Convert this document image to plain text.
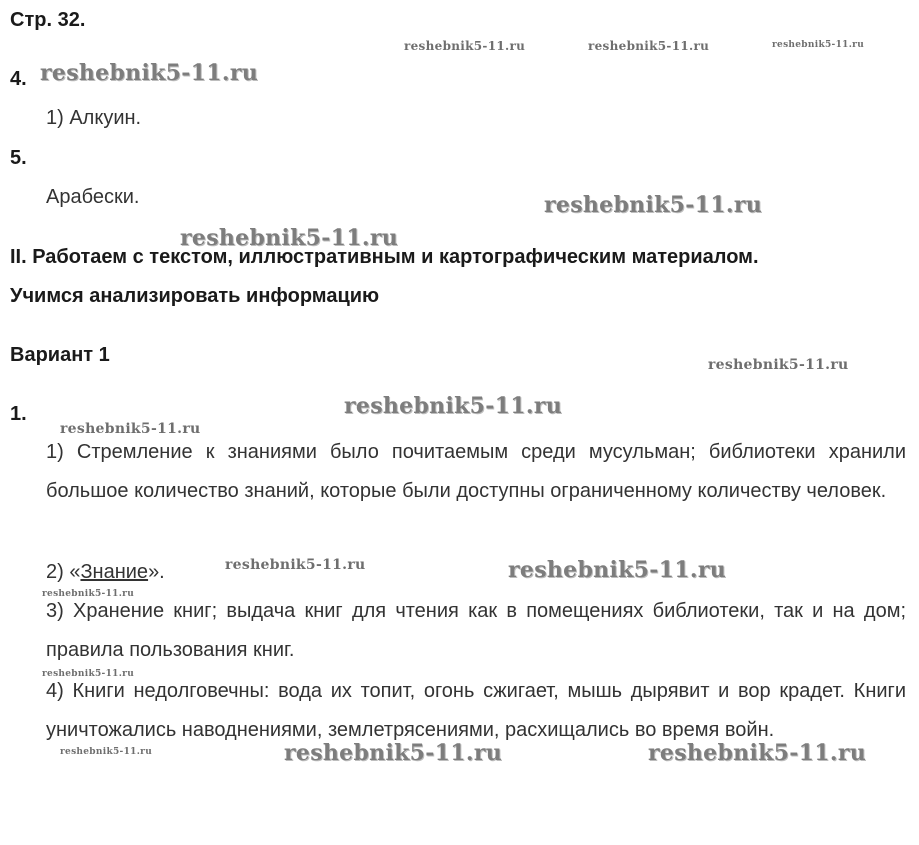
Стр. 32.
4.
1) Алкуин.
5.
Арабески.
II. Работаем с текстом, иллюстративным и картографическим материалом.
Учимся анализировать информацию
Вариант 1
1.
1) Стремление к знаниями было почитаемым среди мусульман; библиотеки хранили большое количество знаний, которые были доступны ограниченному количеству человек.
2) «Знание».
3) Хранение книг; выдача книг для чтения как в помещениях библиотеки, так и на дом; правила пользования книг.
4) Книги недолговечны: вода их топит, огонь сжигает, мышь дырявит и вор крадет. Книги уничтожались наводнениями, землетрясениями, расхищались во время войн.
reshebnik5-11.ru	reshebnik5-11.ru	reshebnik5-11.ru
reshebnik5-11.ru
reshebnik5-11.ru
reshebnik5-11.ru
reshebnik5-11.ru
reshebnik5-11.ru
reshebnik5-11.ru
reshebnik5-11.ru	reshebnik5-11.ru
reshebnik5-11.ru
reshebnik5-11.ru
reshebnik5-11.ru	reshebnik5-11.ru	reshebnik5-11.ru
